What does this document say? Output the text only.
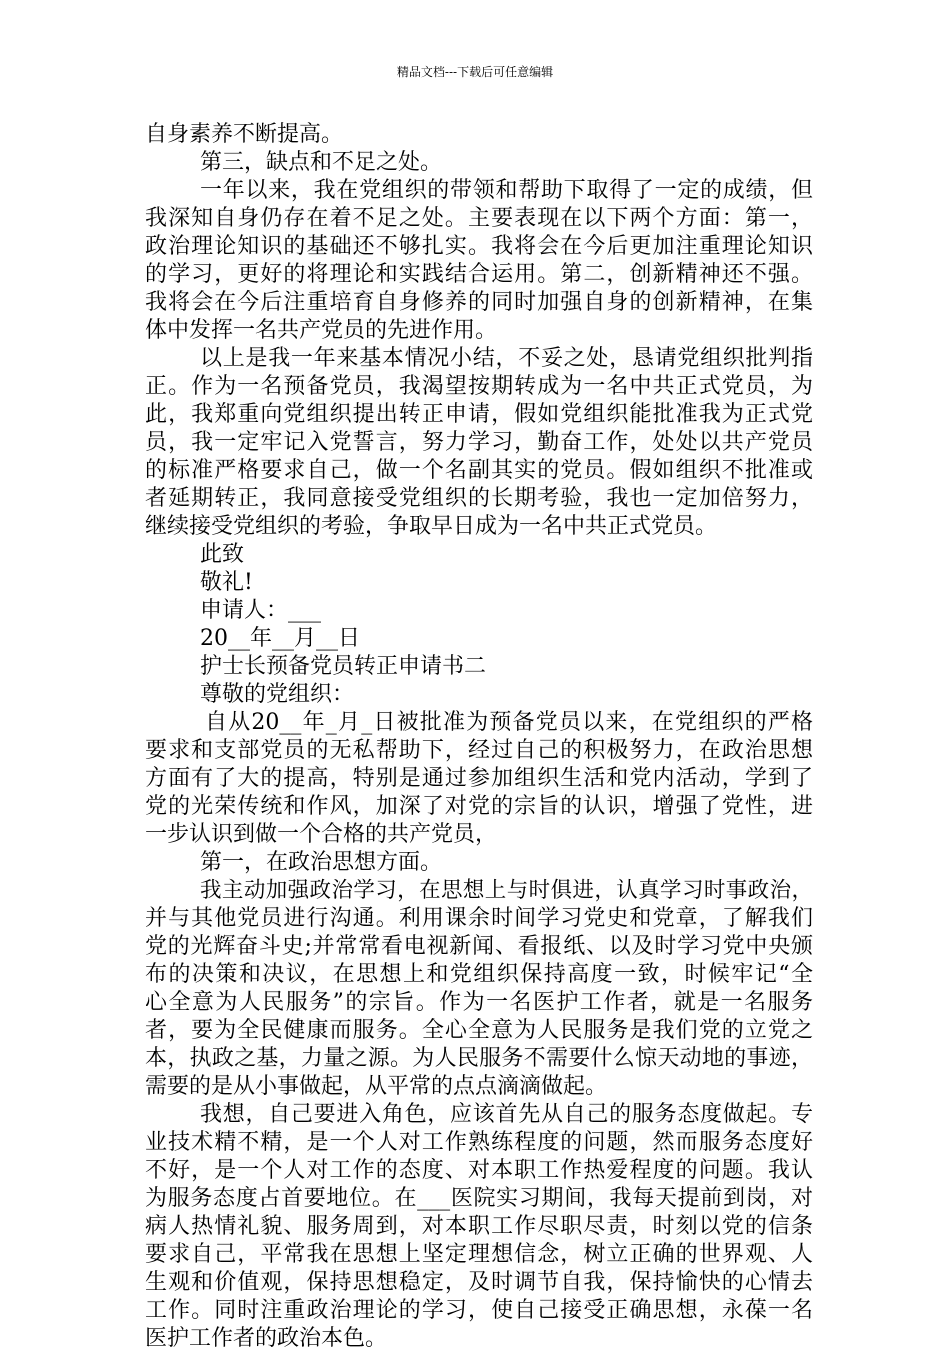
精品文档---下载后可任意编辑
自身素养不断提高。
第三，缺点和不足之处。
一年以来，我在党组织的带领和帮助下取得了一定的成绩，但
我深知自身仍存在着不足之处。主要表现在以下两个方面：第一，
政治理论知识的基础还不够扎实。我将会在今后更加注重理论知识
的学习，更好的将理论和实践结合运用。第二，创新精神还不强。
我将会在今后注重培育自身修养的同时加强自身的创新精神，在集
体中发挥一名共产党员的先进作用。
以上是我一年来基本情况小结，不妥之处，恳请党组织批判指
正。作为一名预备党员，我渴望按期转成为一名中共正式党员，为
此，我郑重向党组织提出转正申请，假如党组织能批准我为正式党
员，我一定牢记入党誓言，努力学习，勤奋工作，处处以共产党员
的标准严格要求自己，做一个名副其实的党员。假如组织不批准或
者延期转正，我同意接受党组织的长期考验，我也一定加倍努力，
继续接受党组织的考验，争取早日成为一名中共正式党员。
此致
敬礼!
申请人：___
20__年__月__日
护士长预备党员转正申请书二
尊敬的党组织：
自从20__年_月_日被批准为预备党员以来，在党组织的严格
要求和支部党员的无私帮助下，经过自己的积极努力，在政治思想
方面有了大的提高，特别是通过参加组织生活和党内活动，学到了
党的光荣传统和作风，加深了对党的宗旨的认识，增强了党性，进
一步认识到做一个合格的共产党员，
第一，在政治思想方面。
我主动加强政治学习，在思想上与时俱进，认真学习时事政治，
并与其他党员进行沟通。利用课余时间学习党史和党章，了解我们
党的光辉奋斗史;并常常看电视新闻、看报纸、以及时学习党中央颁
布的决策和决议，在思想上和党组织保持高度一致，时候牢记“全
心全意为人民服务”的宗旨。作为一名医护工作者，就是一名服务
者，要为全民健康而服务。全心全意为人民服务是我们党的立党之
本，执政之基，力量之源。为人民服务不需要什么惊天动地的事迹，
需要的是从小事做起，从平常的点点滴滴做起。
我想，自己要进入角色，应该首先从自己的服务态度做起。专
业技术精不精，是一个人对工作熟练程度的问题，然而服务态度好
不好，是一个人对工作的态度、对本职工作热爱程度的问题。我认
为服务态度占首要地位。在___医院实习期间，我每天提前到岗，对
病人热情礼貌、服务周到，对本职工作尽职尽责，时刻以党的信条
要求自己，平常我在思想上坚定理想信念，树立正确的世界观、人
生观和价值观，保持思想稳定，及时调节自我，保持愉快的心情去
工作。同时注重政治理论的学习，使自己接受正确思想，永葆一名
医护工作者的政治本色。
